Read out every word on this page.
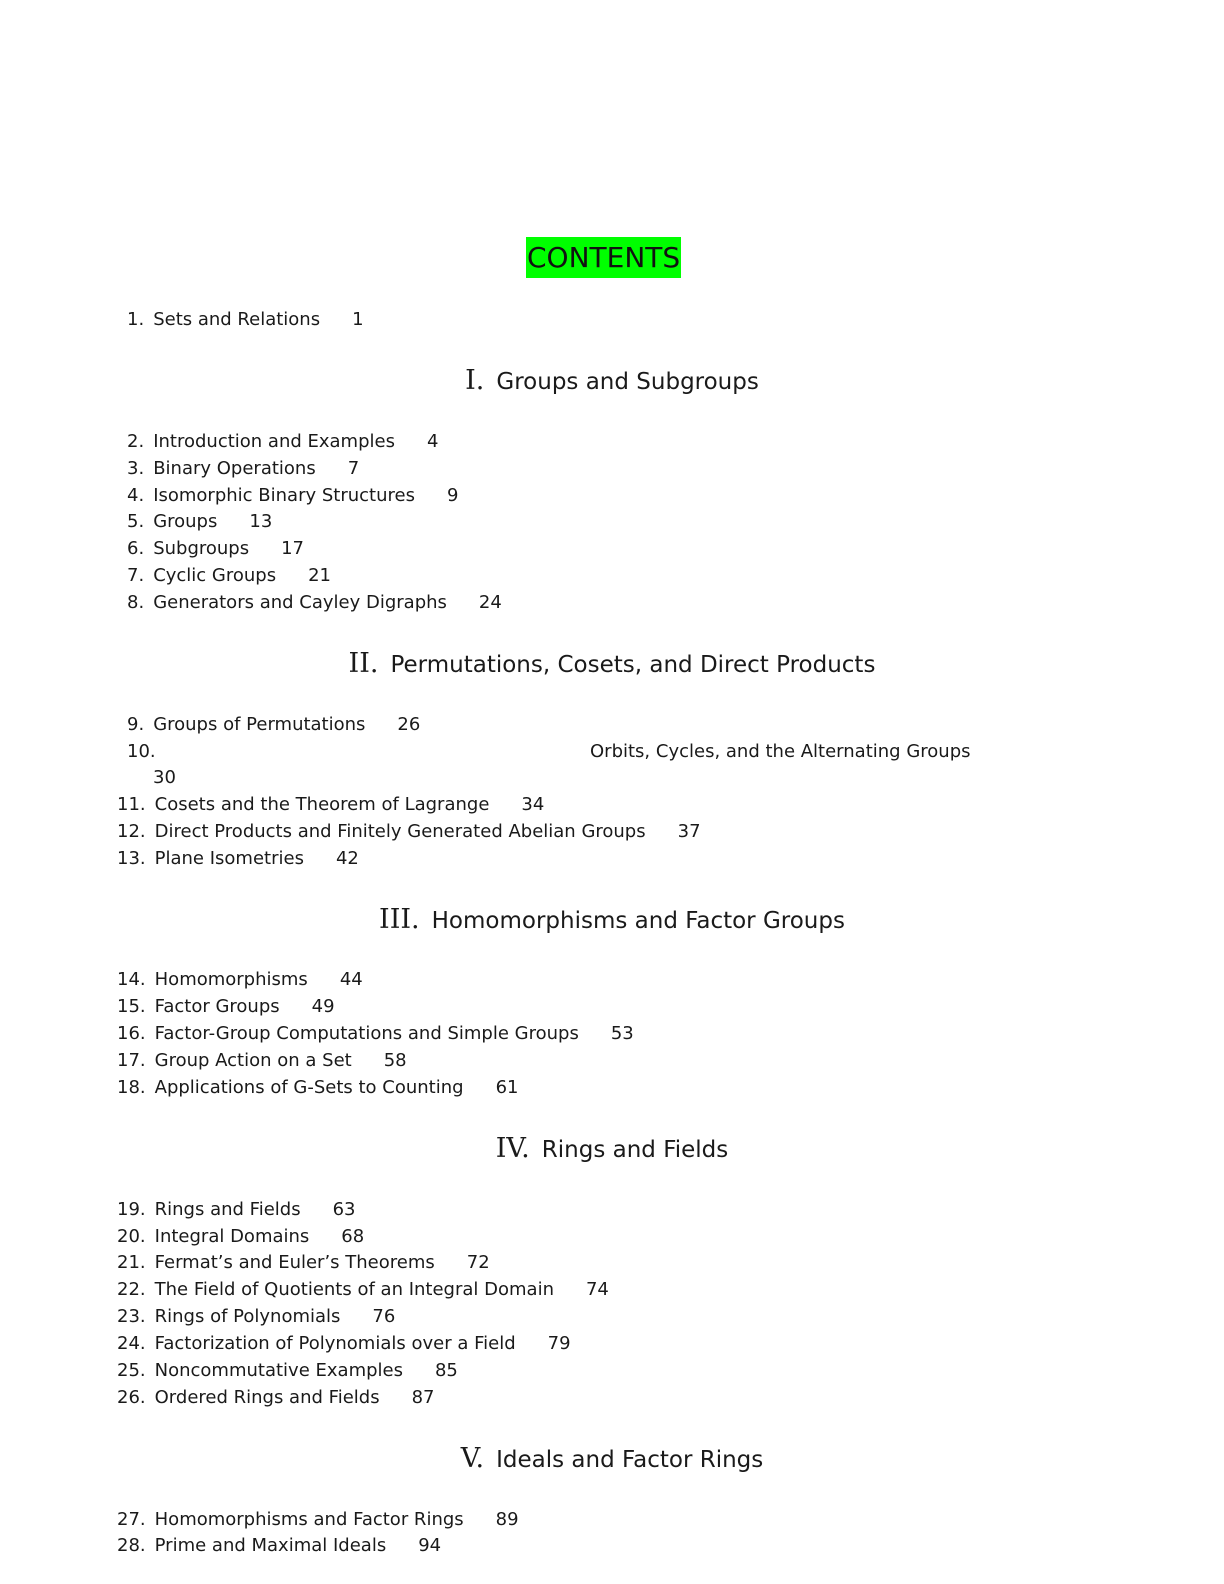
CONTENTS
1. Sets and Relations 1
I. Groups and Subgroups
2. Introduction and Examples 4
3. Binary Operations 7
4. Isomorphic Binary Structures 9
5. Groups 13
6. Subgroups 17
7. Cyclic Groups 21
8. Generators and Cayley Digraphs 24
II. Permutations, Cosets, and Direct Products
9. Groups of Permutations 26
10.	Orbits, Cycles, and the Alternating Groups
30
11. Cosets and the Theorem of Lagrange 34
12. Direct Products and Finitely Generated Abelian Groups 37
13. Plane Isometries 42
III. Homomorphisms and Factor Groups
14. Homomorphisms 44
15. Factor Groups 49
16. Factor-Group Computations and Simple Groups 53
17. Group Action on a Set 58
18. Applications of G-Sets to Counting 61
IV. Rings and Fields
19. Rings and Fields 63
20. Integral Domains 68
21. Fermat’s and Euler’s Theorems 72
22. The Field of Quotients of an Integral Domain 74
23. Rings of Polynomials 76
24. Factorization of Polynomials over a Field 79
25. Noncommutative Examples 85
26. Ordered Rings and Fields 87
V. Ideals and Factor Rings
27. Homomorphisms and Factor Rings 89
28. Prime and Maximal Ideals 94
